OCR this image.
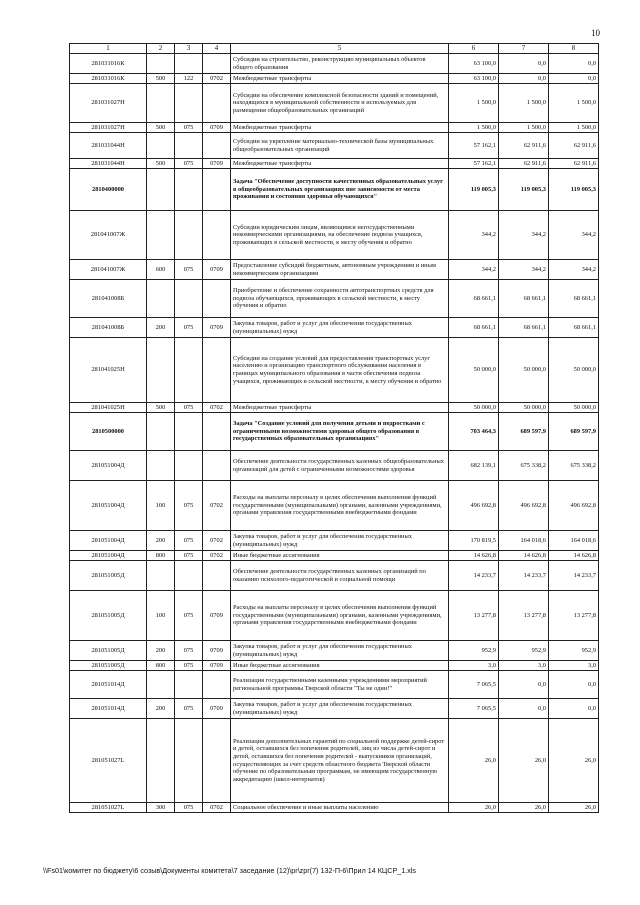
10
1	2	3	4	5	6	7	8
281031016К				Субсидии на строительство, реконструкцию муниципальных объектов общего образования	63 100,0	0,0	0,0
281031016К	500	122	0702	Межбюджетные трансферты	63 100,0	0,0	0,0
281031027Н				Субсидии на обеспечение комплексной безопасности зданий и помещений, находящихся в муниципальной собственности и используемых для размещения общеобразовательных организаций	1 500,0	1 500,0	1 500,0
281031027Н	500	075	0709	Межбюджетные трансферты	1 500,0	1 500,0	1 500,0
281031044Н				Субсидии на укрепление материально-технической базы муниципальных общеобразовательных организаций	57 162,1	62 911,6	62 911,6
281031044Н	500	075	0709	Межбюджетные трансферты	57 162,1	62 911,6	62 911,6
2810400000				Задача "Обеспечение доступности качественных образовательных услуг в общеобразовательных организациях вне зависимости от места проживания и состояния здоровья обучающихся"	119 005,3	119 005,3	119 005,3
281041007Ж				Субсидии юридическим лицам, являющимся негосударственными некоммерческими организациями, на обеспечение подвоза учащихся, проживающих в сельской местности, к месту обучения и обратно	344,2	344,2	344,2
281041007Ж	600	075	0709	Предоставление субсидий бюджетным, автономным учреждениям и иным некоммерческим организациям	344,2	344,2	344,2
281041008Б				Приобретение и обеспечение сохранности автотранспортных средств для подвоза обучающихся, проживающих в сельской местности, к месту обучения и обратно	68 661,1	68 661,1	68 661,1
281041008Б	200	075	0709	Закупка товаров, работ и услуг для обеспечения государственных (муниципальных) нужд	68 661,1	68 661,1	68 661,1
281041025Н				Субсидии на создание условий для предоставления транспортных услуг населению и организацию транспортного обслуживания населения в границах муниципального образования в части обеспечения подвоза учащихся, проживающих в сельской местности, к месту обучения и обратно	50 000,0	50 000,0	50 000,0
281041025Н	500	075	0702	Межбюджетные трансферты	50 000,0	50 000,0	50 000,0
2810500000				Задача "Создание условий для получения детьми и подростками с ограниченными возможностями здоровья общего образования в государственных образовательных организациях"	703 464,3	689 597,9	689 597,9
281051004Д				Обеспечение деятельности государственных казенных общеобразовательных организаций для детей с ограниченными возможностями здоровья	682 139,1	675 338,2	675 338,2
281051004Д	100	075	0702	Расходы на выплаты персоналу в целях обеспечения выполнения функций государственными (муниципальными) органами, казенными учреждениями, органами управления государственными внебюджетными фондами	496 692,8	496 692,8	496 692,8
281051004Д	200	075	0702	Закупка товаров, работ и услуг для обеспечения государственных (муниципальных) нужд	170 819,5	164 018,6	164 018,6
281051004Д	800	075	0702	Иные бюджетные ассигнования	14 626,8	14 626,8	14 626,8
281051005Д				Обеспечение деятельности государственных казенных организаций по оказанию психолого-педагогической и социальной помощи	14 233,7	14 233,7	14 233,7
281051005Д	100	075	0709	Расходы на выплаты персоналу в целях обеспечения выполнения функций государственными (муниципальными) органами, казенными учреждениями, органами управления государственными внебюджетными фондами	13 277,8	13 277,8	13 277,8
281051005Д	200	075	0709	Закупка товаров, работ и услуг для обеспечения государственных (муниципальных) нужд	952,9	952,9	952,9
281051005Д	800	075	0709	Иные бюджетные ассигнования	3,0	3,0	3,0
281051014Д				Реализация государственными казенными учреждениями мероприятий региональной программы Тверской области "Ты не один!"	7 065,5	0,0	0,0
281051014Д	200	075	0709	Закупка товаров, работ и услуг для обеспечения государственных (муниципальных) нужд	7 065,5	0,0	0,0
281051027L				Реализация дополнительных гарантий по социальной поддержке детей-сирот и детей, оставшихся без попечения родителей, лиц из числа детей-сирот и детей, оставшихся без попечения родителей - выпускников организаций, осуществляющих за счет средств областного бюджета Тверской области обучение по образовательным программам, не имеющим государственную аккредитацию (школ-интернатов)	26,0	26,0	26,0
281051027L	300	075	0702	Социальное обеспечение и иные выплаты населению	26,0	26,0	26,0
\\Fs01\комитет по бюджету\6 созыв\Документы комитета\7 заседание (12)\pr\zpr(7) 132-П-6\Прил 14 КЦСР_1.xls
